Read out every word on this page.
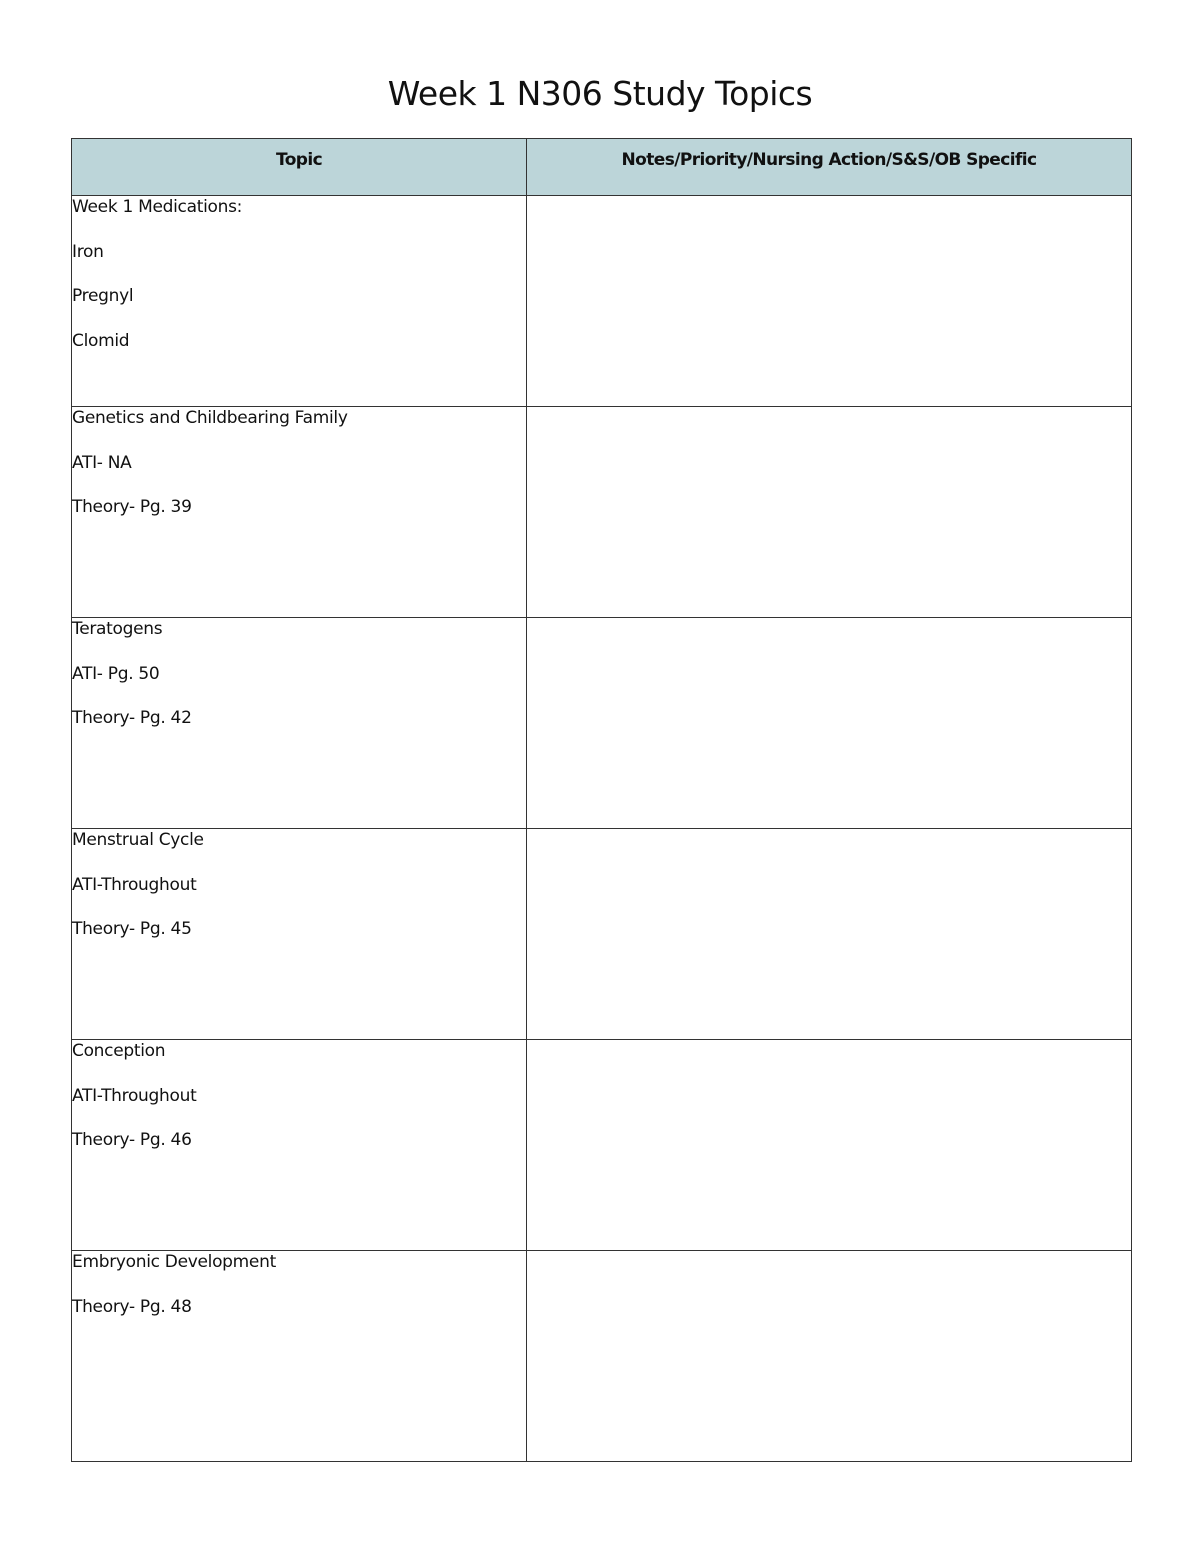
Week 1 N306 Study Topics
Topic	Notes/Priority/Nursing Action/S&S/OB Specific

Week 1 Medications:
Iron
Pregnyl
Clomid	

Genetics and Childbearing Family
ATI- NA
Theory- Pg. 39	

Teratogens
ATI- Pg. 50
Theory- Pg. 42	

Menstrual Cycle
ATI-Throughout
Theory- Pg. 45	

Conception
ATI-Throughout
Theory- Pg. 46	

Embryonic Development
Theory- Pg. 48	
